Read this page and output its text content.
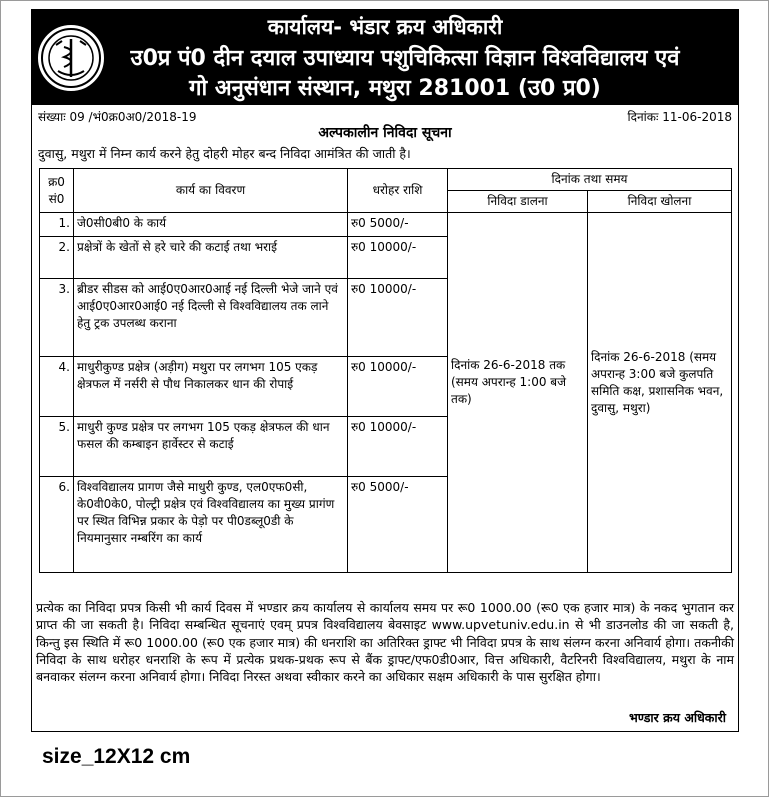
कार्यालय- भंडार क्रय अधिकारी
उ0प्र पं0 दीन दयाल उपाध्याय पशुचिकित्सा विज्ञान विश्वविद्यालय एवं
गो अनुसंधान संस्थान, मथुरा 281001 (उ0 प्र0)
संख्याः 09 /भं0क्र0अ0/2018-19	दिनांकः 11-06-2018
अल्पकालीन निविदा सूचना
दुवासु, मथुरा में निम्न कार्य करने हेतु दोहरी मोहर बन्द निविदा आमंत्रित की जाती है।
क्र0 सं0	कार्य का विवरण	धरोहर राशि	दिनांक तथा समय	
			निविदा डालना	निविदा खोलना
1.	जे0सी0बी0 के कार्य	रु0 5000/-	दिनांक 26-6-2018 तक (समय अपरान्ह 1:00 बजे तक)	दिनांक 26-6-2018 (समय अपरान्ह 3:00 बजे कुलपति समिति कक्ष, प्रशासनिक भवन, दुवासु, मथुरा)

2.	प्रक्षेत्रों के खेतों से हरे चारे की कटाई तथा भराई	रु0 10000/-		
3.	ब्रीडर सीडस को आई0ए0आर0आई नई दिल्ली भेजे जाने एवं आई0ए0आर0आई0 नई दिल्ली से विश्वविद्यालय तक लाने हेतु ट्रक उपलब्ध कराना	रु0 10000/-		
4.	माधुरीकुण्ड प्रक्षेत्र (अड़ीग) मथुरा पर लगभग 105 एकड़ क्षेत्रफल में नर्सरी से पौध निकालकर धान की रोपाई	रु0 10000/-		
5.	माधुरी कुण्ड प्रक्षेत्र पर लगभग 105 एकड़ क्षेत्रफल की धान फसल की कम्बाइन हार्वेस्टर से कटाई	रु0 10000/-		
6.	विश्वविद्यालय प्रागण जैसे माधुरी कुण्ड, एल0एफ0सी, के0वी0के0, पोल्ट्री प्रक्षेत्र एवं विश्वविद्यालय का मुख्य प्रागंण पर स्थित विभिन्न प्रकार के पेड़ो पर पी0डब्लू0डी के नियमानुसार नम्बरिंग का कार्य	रु0 5000/-		
प्रत्येक का निविदा प्रपत्र किसी भी कार्य दिवस में भण्डार क्रय कार्यालय से कार्यालय समय पर रू0 1000.00 (रू0 एक हजार मात्र) के नकद भुगतान कर प्राप्त की जा सकती है। निविदा सम्बन्धित सूचनाएं एवम् प्रपत्र विश्वविद्यालय बेवसाइट www.upvetuniv.edu.in से भी डाउनलोड की जा सकती है, किन्तु इस स्थिति में रू0 1000.00 (रू0 एक हजार मात्र) की धनराशि का अतिरिक्त ड्राफ्ट भी निविदा प्रपत्र के साथ संलग्न करना अनिवार्य होगा। तकनीकी निविदा के साथ धरोहर धनराशि के रूप में प्रत्येक प्रथक-प्रथक रूप से बैंक ड्राफ्ट/एफ0डी0आर, वित्त अधिकारी, वैटरिनरी विश्वविद्यालय, मथुरा के नाम बनवाकर संलग्न करना अनिवार्य होगा। निविदा निरस्त अथवा स्वीकार करने का अधिकार सक्षम अधिकारी के पास सुरक्षित होगा।
भण्डार क्रय अधिकारी
size_12X12 cm
